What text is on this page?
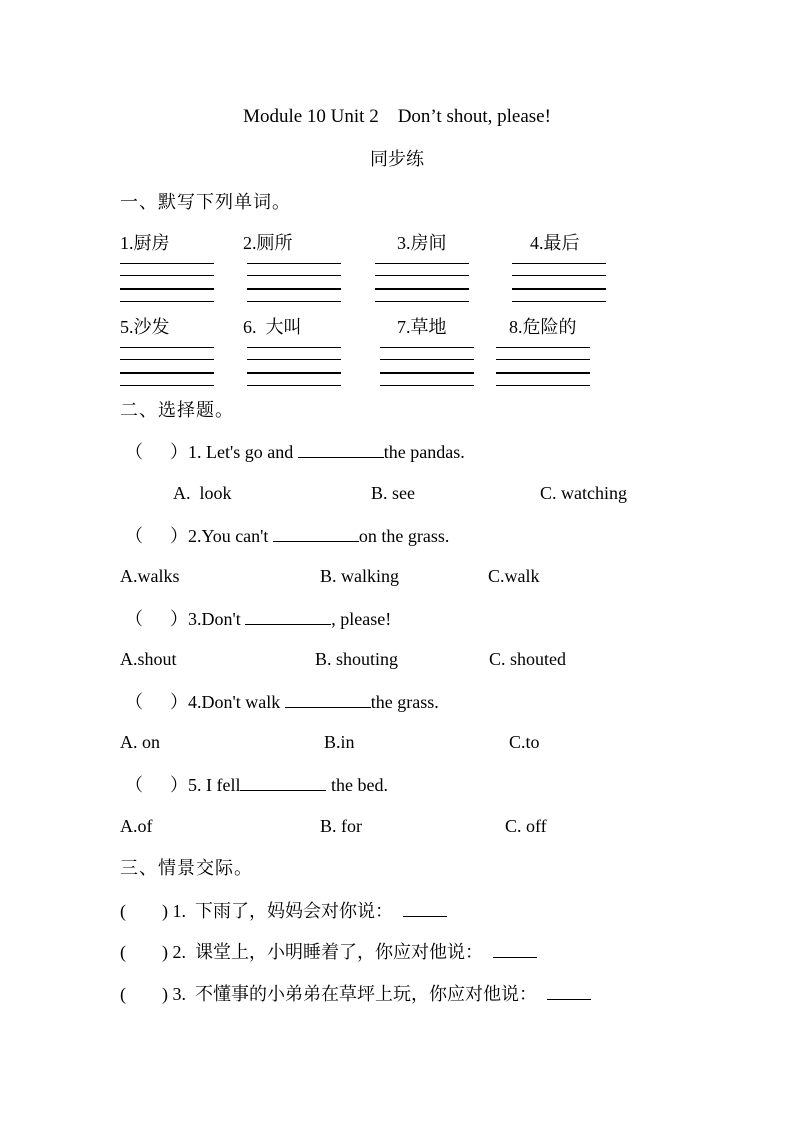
Module 10 Unit 2    Don’t shout, please!
同步练
一、默写下列单词。
1.厨房	2.厕所	3.房间	4.最后
5.沙发	6.  大叫	7.草地	8.危险的
二、选择题。
（      ）1. Let's go and	the pandas.
A.  look	B. see	C. watching
（      ）2.You can't	on the grass.
A.walks	B. walking	C.walk
（      ）3.Don't	, please!
A.shout	B. shouting	C. shouted
（      ）4.Don't walk	the grass.
A. on	B.in	C.to
（      ）5. I fell	the bed.
A.of	B. for	C. off
三、情景交际。
(        ) 1. 下雨了，妈妈会对你说：
(        ) 2. 课堂上，小明睡着了，你应对他说：
(        ) 3. 不懂事的小弟弟在草坪上玩，你应对他说：
